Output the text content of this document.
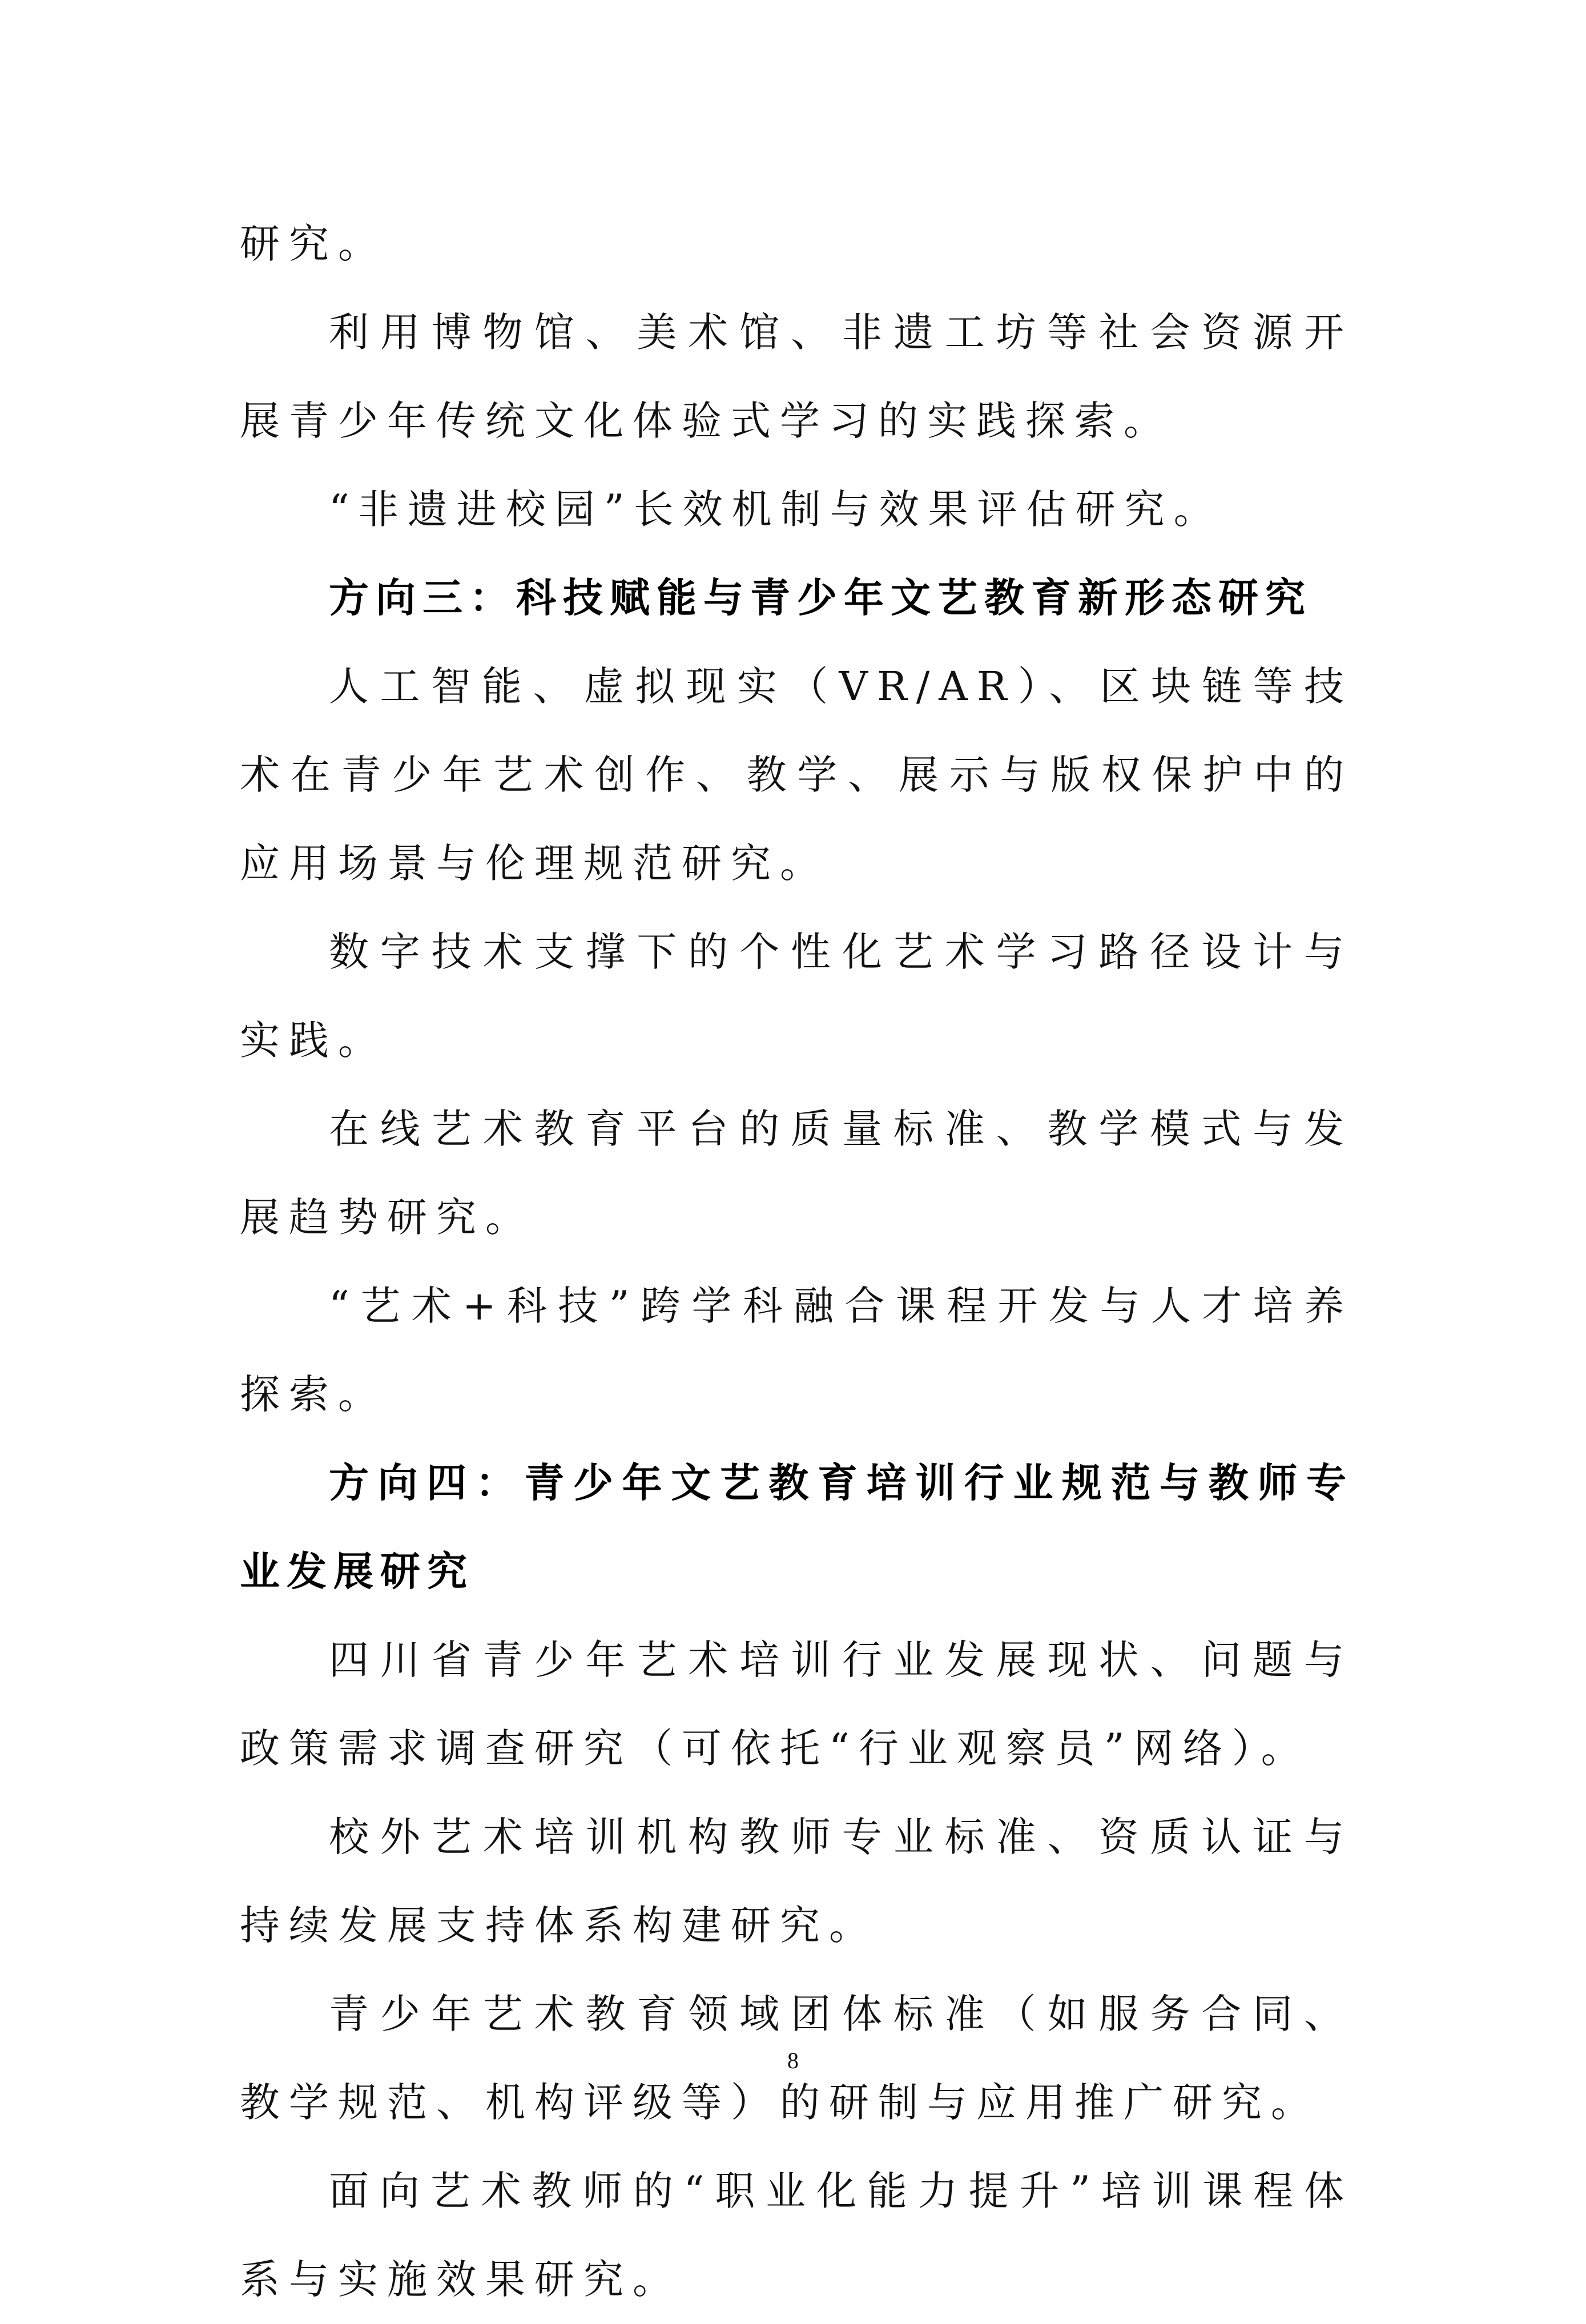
研究。

利用博物馆、美术馆、非遗工坊等社会资源开展青少年传统文化体验式学习的实践探索。

“非遗进校园”长效机制与效果评估研究。

方向三：科技赋能与青少年文艺教育新形态研究

人工智能、虚拟现实（VR/AR）、区块链等技术在青少年艺术创作、教学、展示与版权保护中的应用场景与伦理规范研究。

数字技术支撑下的个性化艺术学习路径设计与实践。

在线艺术教育平台的质量标准、教学模式与发展趋势研究。

“艺术+科技”跨学科融合课程开发与人才培养探索。

方向四：青少年文艺教育培训行业规范与教师专业发展研究

四川省青少年艺术培训行业发展现状、问题与政策需求调查研究（可依托“行业观察员”网络）。

校外艺术培训机构教师专业标准、资质认证与持续发展支持体系构建研究。

青少年艺术教育领域团体标准（如服务合同、教学规范、机构评级等）的研制与应用推广研究。

面向艺术教师的“职业化能力提升”培训课程体系与实施效果研究。

8
